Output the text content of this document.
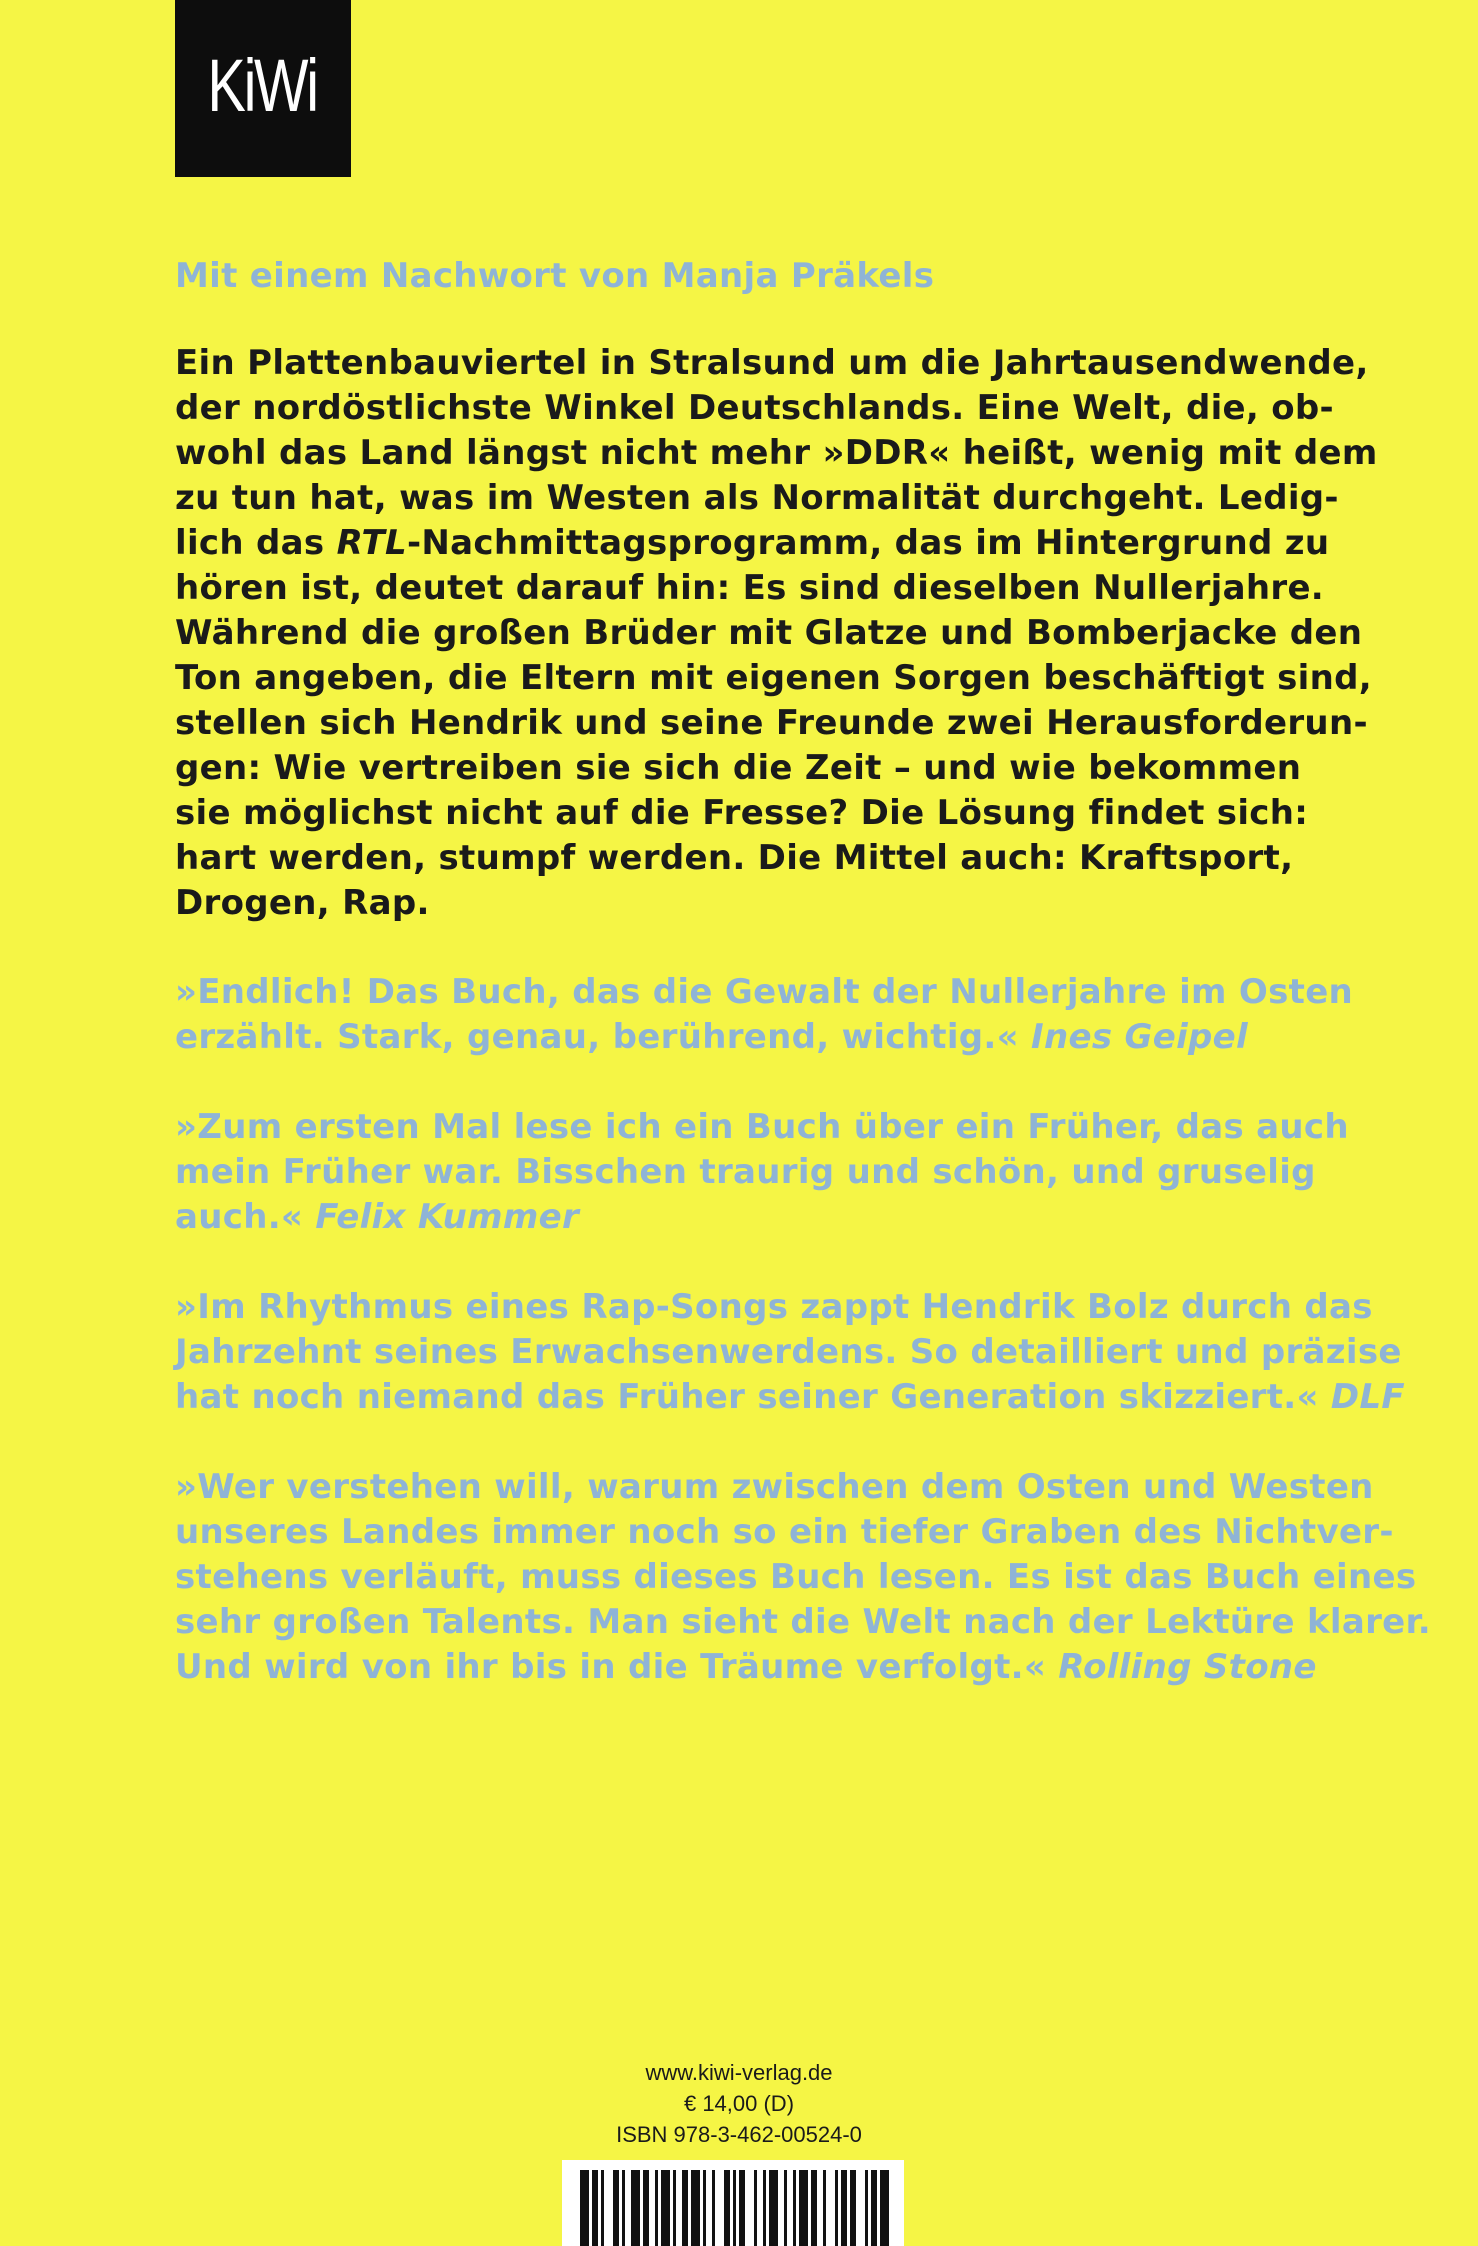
KiWi

Mit einem Nachwort von Manja Präkels

Ein Plattenbauviertel in Stralsund um die Jahrtausendwende,
der nordöstlichste Winkel Deutschlands. Eine Welt, die, ob-
wohl das Land längst nicht mehr »DDR« heißt, wenig mit dem
zu tun hat, was im Westen als Normalität durchgeht. Ledig-
lich das RTL-Nachmittagsprogramm, das im Hintergrund zu
hören ist, deutet darauf hin: Es sind dieselben Nullerjahre.
Während die großen Brüder mit Glatze und Bomberjacke den
Ton angeben, die Eltern mit eigenen Sorgen beschäftigt sind,
stellen sich Hendrik und seine Freunde zwei Herausforderun-
gen: Wie vertreiben sie sich die Zeit – und wie bekommen
sie möglichst nicht auf die Fresse? Die Lösung findet sich:
hart werden, stumpf werden. Die Mittel auch: Kraftsport,
Drogen, Rap.
»Endlich! Das Buch, das die Gewalt der Nullerjahre im Osten
erzählt. Stark, genau, berührend, wichtig.« Ines Geipel
»Zum ersten Mal lese ich ein Buch über ein Früher, das auch
mein Früher war. Bisschen traurig und schön, und gruselig
auch.« Felix Kummer
»Im Rhythmus eines Rap-Songs zappt Hendrik Bolz durch das
Jahrzehnt seines Erwachsenwerdens. So detailliert und präzise
hat noch niemand das Früher seiner Generation skizziert.« DLF
»Wer verstehen will, warum zwischen dem Osten und Westen
unseres Landes immer noch so ein tiefer Graben des Nichtver-
stehens verläuft, muss dieses Buch lesen. Es ist das Buch eines
sehr großen Talents. Man sieht die Welt nach der Lektüre klarer.
Und wird von ihr bis in die Träume verfolgt.« Rolling Stone
www.kiwi-verlag.de
€ 14,00 (D)
ISBN 978-3-462-00524-0
